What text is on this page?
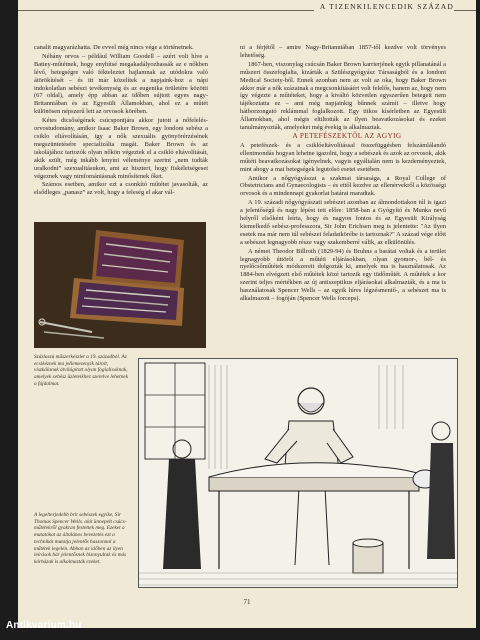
A TIZENKILENCEDIK SZÁZAD

canalit magyarázhatta. De evvel még nincs vége a történetnek.

Néhány orvos – például William Goodell – azért volt híve a Battey-műtétnek, hogy enyhítsé megakadályozhassák az e nőkben lévő, betegségre való fékteleztet hajlamnak az utódokra való átörökítését – és itt már közelítek a napjaink-hoz a nápi indokolatlan sebészi tevékenység és az eugenika örületére közötti (67 oldal), amely épp abban az időben sújtott egyes nagy-Britanniában és az Egyesült Államokban, ahol ez a műtét különösen népszerű lett az orvosok körében.

Kétes dicsőségének csúcspontjára akkor jutott a nőfelelés-orvostudomány, amikor Isaac Baker Brown, egy londoni sebész a csiklo eltávolításán, igy a nők szexuális gyönyörérzésének megszüntetésére specializálta magát. Baker Brown és az iskolájához tartozók olyan nőkön végeztek el a csikló eltávolítását, akik szült, még inkább lenyíni véleménye szerint „nem tudták uralkodni” szexualitásukon, ami az hiszteri, hogy fiskéletségeset végeznek vagy nimfomániásnak minősítenek őket.

Számos esetben, amikor ezt a csonkító műtétet javasolták, az elsődleges „panasz” az volt, hogy a feleség el akar vál-

Százlaszú műszerkészlet a 19. századból. Az ecsikéznek ma jellemezenyik tárolt, viszkálanak átvilágított olyan fogialisoknak, amelyek sebész üzleteikhez szerelve lehetnek a fájdalmat.

ni a férjétől – amire Nagy-Britanniában 1857-től kezdve volt törvényes lehetőség.

1867-ben, viszonylag csúcsán Baker Brown karrierjének egyik pillanatánál a műszert összefoglalta, kizárták a Szülészgyógyász Társaságból és a londoni Medical Society-ből. Ennek azonban nem az volt az oka, hogy Baker Brown akkor már a nők százainak a megcsonkításáért volt felelős, hanem az, hogy nem így végezte a műtéteket, hogy a kiváltó közvetlen egyszerűen betegeit nem tájékoztatta ez – ami még napjainkig bűnnek számít – illetve hogy hátborzongató reklámmal foglalkozott. Egy titkos kísérletben az Egyesült Államokban, ahol mégis eltiltották az ilyen beavatkozásokat és ezeket tanulmányozták, amelyeket még évekig is alkalmaztak.

A PETEFÉSZEKTŐL AZ AGYIG

A petefészek- és a csiklóeltávolítással összefüggésben felszámlálandó ellentmondás hogyan lehetne igazolni, hogy a sebészek és azok az orvosok, akik műtéti beavatkozásokat igényelnek, vagyis egyáltalán nem is kezdeményeztek, mint ahogy a mai betegségek legutolsó esetei esetében.

Amikor a nőgyógyászat a szakmai társasága, a Royal College of Obstetricians and Gynaecologists – és ettől kezdve az ellenérvekről a közösségi orvosok és a mindennapi gyakorlat határai maradtak.

A 19. századi nőgyógyászati sebészet azonban az álmondottakon túl is igazi a jelentőségű és nagy lépést tett előre: 1858-ban a Gyógyító és Munka nevű helyről elsőként leírta, hogy és nagyon fontos és az Egyesült Királyság kiemelkedő sebész-professzora, Sir John Erichsen meg is jelentette: "Az ilyen esetek ma már nem túl sebészei feladatkörébe is tartoznak?" A század vége előtt a sebészet legnagyobb része vagy szakemberré válik, az elkülönülés.

A német Theodor Billroth (1829-94) és Bruhns a barátai voltak és a terület legnagyobb úttörői a műtéti eljárásokban, olyan gyomor-, bél- és nyelőcsőműtétek módszereit dolgozták ki, amelyek ma is használatosak. Az 1884-ben elvégzett első műtétek közé tartozik egy tüdőműtét. A műtétek a kor szerint teljes mértékben az új antiszeptikus eljárásokat alkalmazták, és a ma is használatosak Spencer Wells – az egyik híres légzésmentő-, a sebészet ma is alkalmazott – fogóján (Spencer Wells forceps).

A legelterjedebb brit sebészek egyike, Sir Thomas Spencer Wells. akit ünnepelt csúcs-műtétekről gyakran festettek meg. Ezeket a mutatókat az általános bevezetés ezt a technikát mutatja jelentős haszonnal a műtétek legelén. Abban az időben az ilyen leírások bár jelentősnek bizonyultak és más kórházak is alkalmazták ezeket.
71
Antikvarium.hu
